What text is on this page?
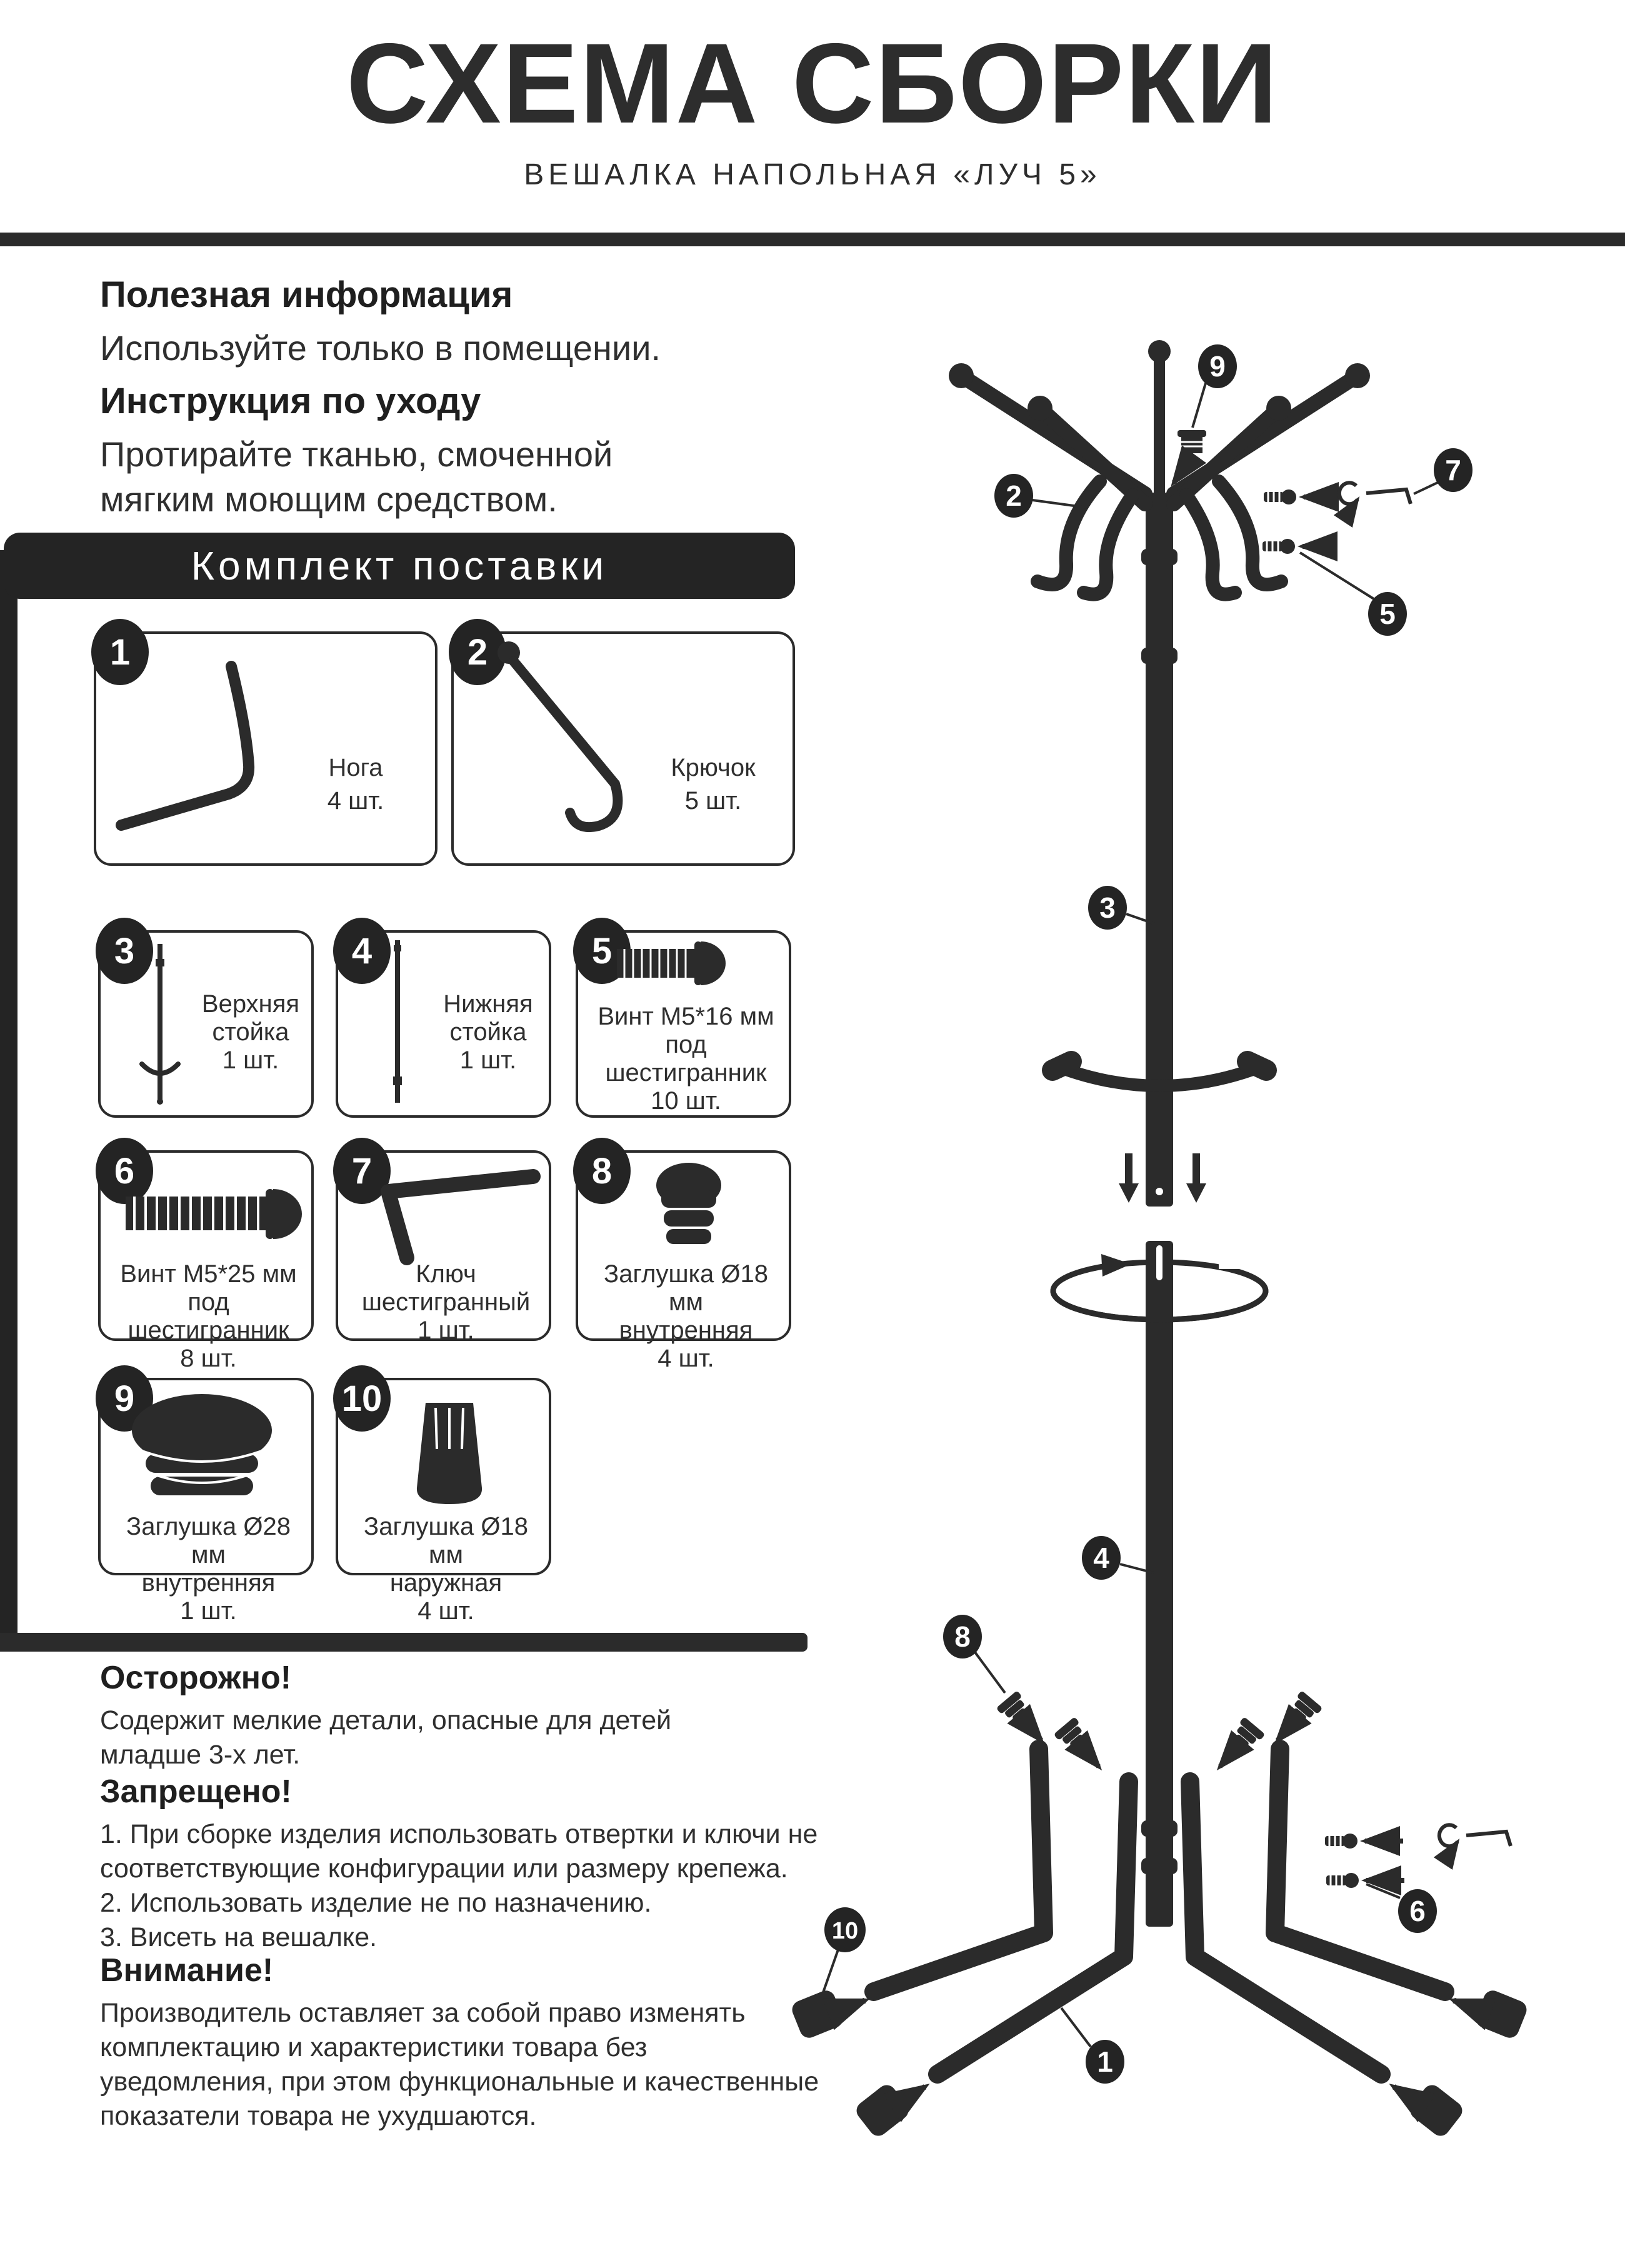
СХЕМА СБОРКИ
ВЕШАЛКА НАПОЛЬНАЯ «ЛУЧ 5»
Полезная информация
Используйте только в помещении.
Инструкция по уходу
Протирайте тканью, смоченной
мягким моющим средством.
Комплект поставки
1
Нога
4 шт.
2
Крючок
5 шт.
3
Верхняя
стойка
1 шт.
4
Нижняя
стойка
1 шт.
5
Винт М5*16 мм
под шестигранник
10 шт.
6
Винт М5*25 мм
под шестигранник
8 шт.
7
Ключ
шестигранный
1 шт.
8
Заглушка Ø18 мм
внутренняя
4 шт.
9
Заглушка Ø28 мм
внутренняя
1 шт.
10
Заглушка Ø18 мм
наружная
4 шт.
Осторожно!
Содержит мелкие детали, опасные для детей
младше 3-х лет.
Запрещено!
1. При сборке изделия использовать отвертки и ключи не
соответствующие конфигурации или размеру крепежа.
2. Использовать изделие не по назначению.
3. Висеть на вешалке.
Внимание!
Производитель оставляет за собой право изменять
комплектацию и характеристики товара без
уведомления, при этом функциональные и качественные
показатели товара не ухудшаются.
2
9
7
5
3
4
8
10
1
6
